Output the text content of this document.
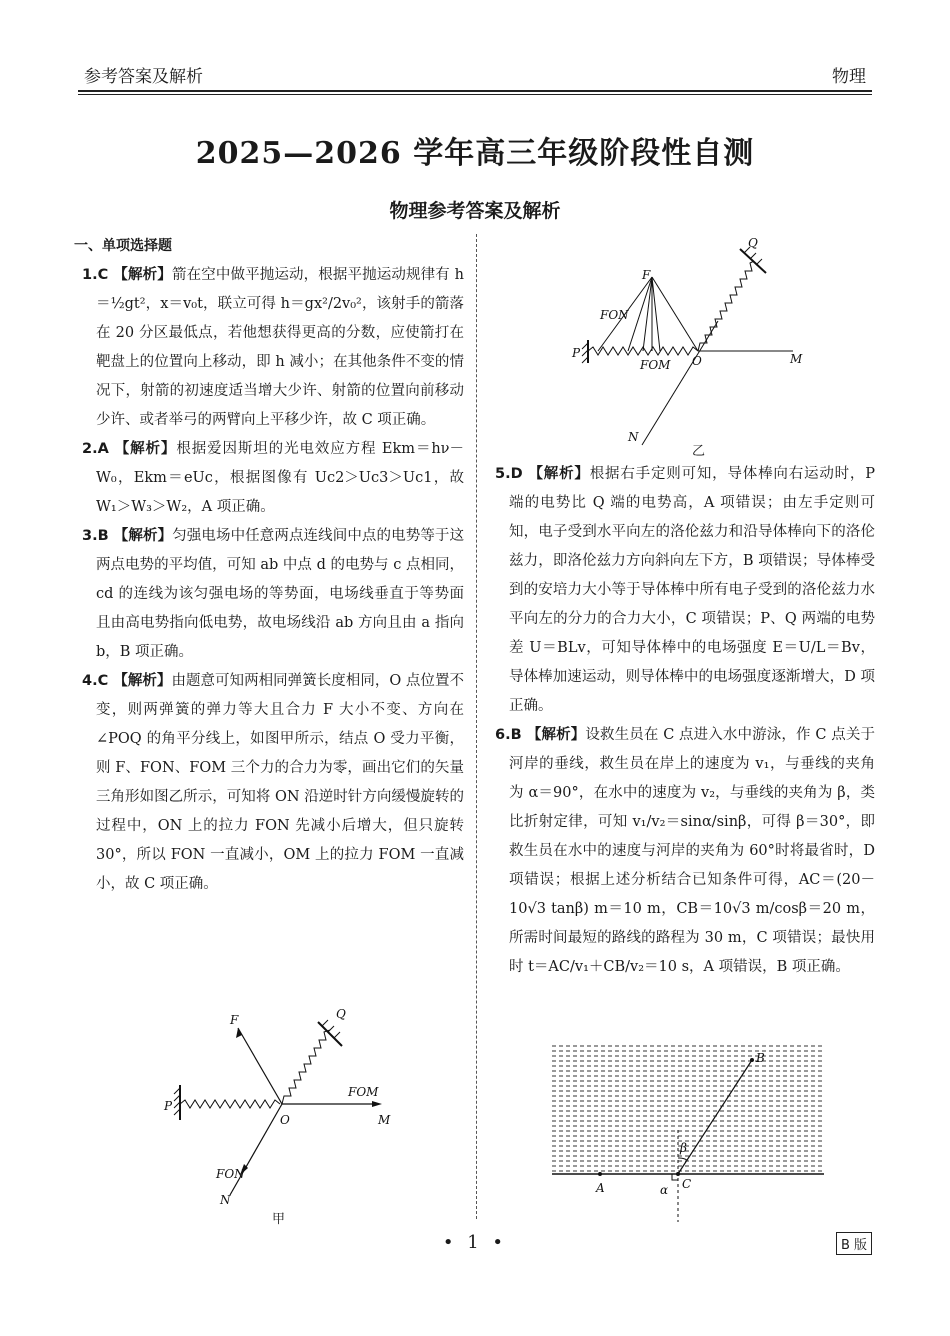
参考答案及解析	物理
2025—2026 学年高三年级阶段性自测
物理参考答案及解析
一、单项选择题

1.C 【解析】箭在空中做平抛运动，根据平抛运动规律有 h＝½gt²，x＝v₀t，联立可得 h＝gx²/2v₀²，该射手的箭落在 20 分区最低点，若他想获得更高的分数，应使箭打在靶盘上的位置向上移动，即 h 减小；在其他条件不变的情况下，射箭的初速度适当增大少许、射箭的位置向前移动少许、或者举弓的两臂向上平移少许，故 C 项正确。

2.A 【解析】根据爱因斯坦的光电效应方程 Ekm＝hν－W₀，Ekm＝eUc，根据图像有 Uc2＞Uc3＞Uc1，故 W₁＞W₃＞W₂，A 项正确。

3.B 【解析】匀强电场中任意两点连线间中点的电势等于这两点电势的平均值，可知 ab 中点 d 的电势与 c 点相同，cd 的连线为该匀强电场的等势面，电场线垂直于等势面且由高电势指向低电势，故电场线沿 ab 方向且由 a 指向 b，B 项正确。

4.C 【解析】由题意可知两相同弹簧长度相同，O 点位置不变，则两弹簧的弹力等大且合力 F 大小不变、方向在∠POQ 的角平分线上，如图甲所示，结点 O 受力平衡，则 F、FON、FOM 三个力的合力为零，画出它们的矢量三角形如图乙所示，可知将 ON 沿逆时针方向缓慢旋转的过程中，ON 上的拉力 FON 先减小后增大，但只旋转 30°，所以 FON 一直减小，OM 上的拉力 FOM 一直减小，故 C 项正确。

F	Q
P
O
FOM
M
FON
N
甲
F
Q
FON
P
FOM O	M
N
乙

5.D 【解析】根据右手定则可知，导体棒向右运动时，P 端的电势比 Q 端的电势高，A 项错误；由左手定则可知，电子受到水平向左的洛伦兹力和沿导体棒向下的洛伦兹力，即洛伦兹力方向斜向左下方，B 项错误；导体棒受到的安培力大小等于导体棒中所有电子受到的洛伦兹力水平向左的分力的合力大小，C 项错误；P、Q 两端的电势差 U＝BLv，可知导体棒中的电场强度 E＝U/L＝Bv，导体棒加速运动，则导体棒中的电场强度逐渐增大，D 项正确。

6.B 【解析】设救生员在 C 点进入水中游泳，作 C 点关于河岸的垂线，救生员在岸上的速度为 v₁，与垂线的夹角为 α＝90°，在水中的速度为 v₂，与垂线的夹角为 β，类比折射定律，可知 v₁/v₂＝sinα/sinβ，可得 β＝30°，即救生员在水中的速度与河岸的夹角为 60°时将最省时，D 项错误；根据上述分析结合已知条件可得，AC＝(20－10√3 tanβ) m＝10 m，CB＝10√3 m/cosβ＝20 m，所需时间最短的路线的路程为 30 m，C 项错误；最快用时 t＝AC/v₁＋CB/v₂＝10 s，A 项错误，B 项正确。

B
A	α
β
C
• 1 •	B 版
